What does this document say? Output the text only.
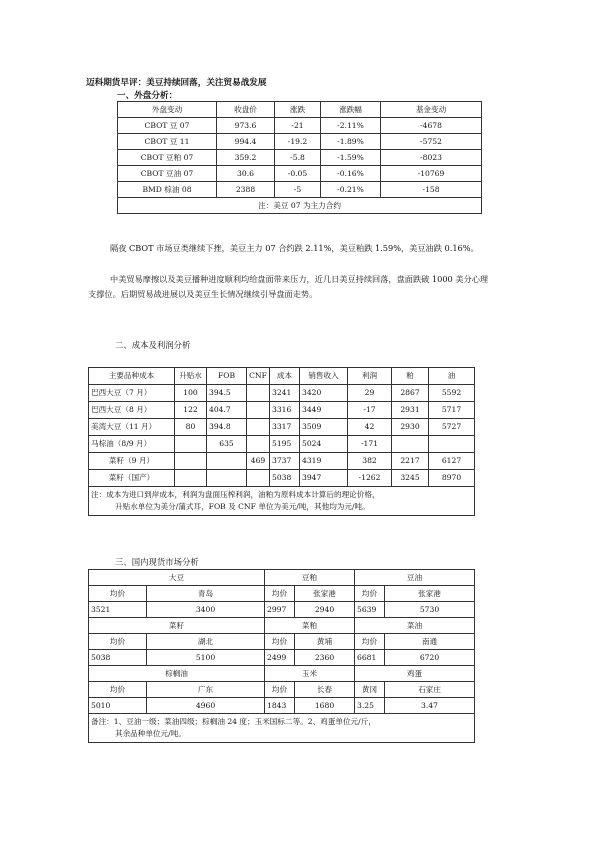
迈科期货早评：美豆持续回落，关注贸易战发展
一、外盘分析：
外盘变动	收盘价	涨跌	涨跌幅	基金变动
CBOT 豆 07	973.6	-21	-2.11%	-4678
CBOT 豆 11	994.4	-19.2	-1.89%	-5752
CBOT 豆粕 07	359.2	-5.8	-1.59%	-8023
CBOT 豆油 07	30.6	-0.05	-0.16%	-10769
BMD 棕油 08	2388	-5	-0.21%	-158
注：美豆 07 为主力合约				
隔夜 CBOT 市场豆类继续下挫，美豆主力 07 合约跌 2.11%，美豆粕跌 1.59%，美豆油跌 0.16%。
中美贸易摩擦以及美豆播种进度顺利均给盘面带来压力，近几日美豆持续回落，盘面跌破 1000 美分心理支撑位。后期贸易战进展以及美豆生长情况继续引导盘面走势。
二、成本及利润分析
主要品种成本	升贴水	FOB	CNF	成本	销售收入	利润	粕	油
巴西大豆（7 月）	100	394.5		3241	3420	29	2867	5592
巴西大豆（8 月）	122	404.7		3316	3449	-17	2931	5717
美湾大豆（11 月）	80	394.8		3317	3509	42	2930	5727
马棕油（8/9 月）		635		5195	5024	-171		
菜籽（9 月）			469	3737	4319	382	2217	6127
菜籽（国产）				5038	3947	-1262	3245	8970
注：成本为进口到岸成本，利润为盘面压榨利润，油粕为原料成本计算后的理论价格，
升贴水单位为美分/蒲式耳，FOB 及 CNF 单位为美元/吨，其他均为元/吨。								
三、国内现货市场分析
大豆		豆粕		豆油	
均价	青岛	均价	张家港	均价	张家港
3521	3400	2997	2940	5639	5730
菜籽		菜粕		菜油	
均价	湖北	均价	黄埔	均价	南通
5038	5100	2499	2360	6681	6720
棕榈油		玉米		鸡蛋	
均价	广东	均价	长春	黄冈	石家庄
5010	4960	1843	1680	3.25	3.47
备注：1、豆油一级；菜油四级；棕榈油 24 度；玉米国标二等。2、鸡蛋单位元/斤，
其余品种单位元/吨。					
